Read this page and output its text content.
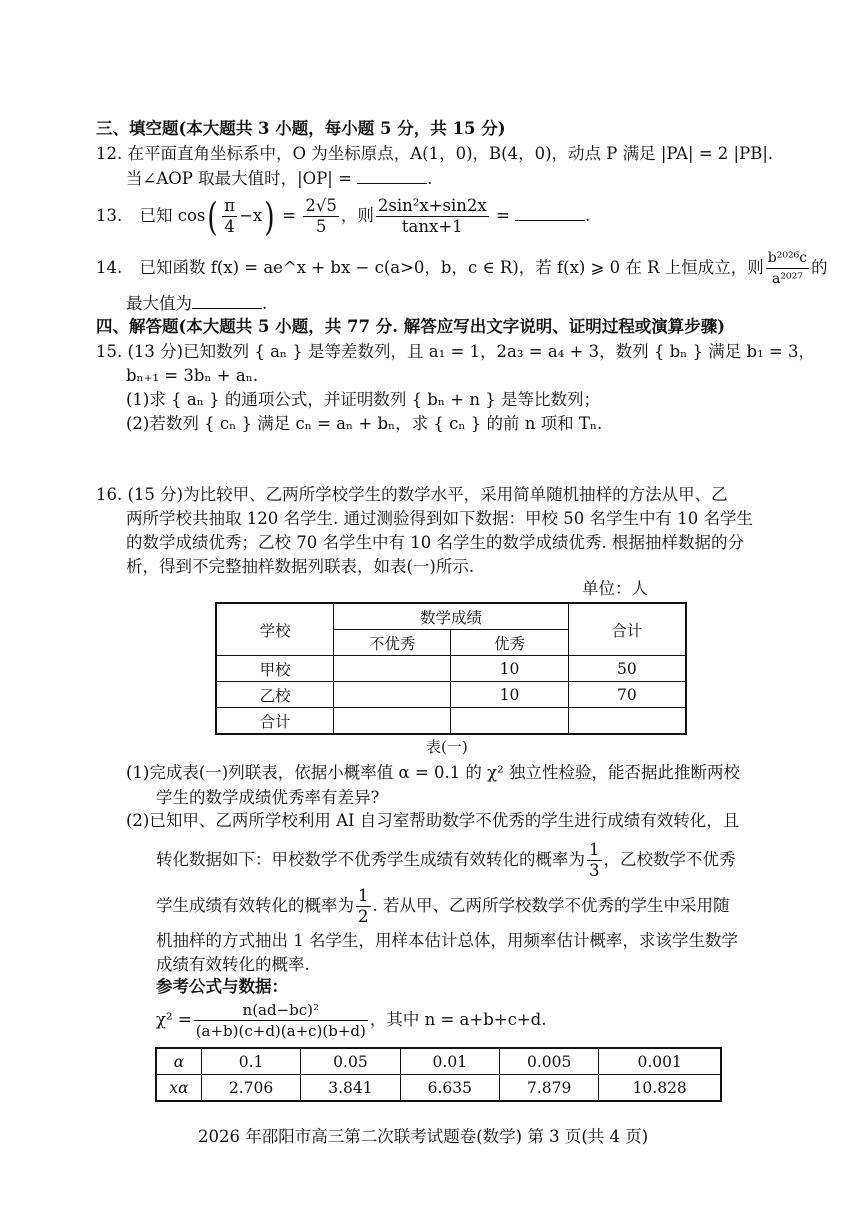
三、填空题(本大题共 3 小题，每小题 5 分，共 15 分)
12. 在平面直角坐标系中，O 为坐标原点，A(1，0)，B(4，0)，动点 P 满足 |PA| = 2 |PB|.
当∠AOP 取最大值时，|OP| =	.
13. 已知 $\cos( \frac{\pi}{4} -x) = \frac{2√5}{5}$ ，则 $\frac{\text{2sin²x+sin2x}}{\tan x+1}$ =	.
14. 已知函数 f(x) = ae^x + bx − c(a>0，b，c ∈ R)，若 f(x) ⩾ 0 在 R 上恒成立，则 $\frac{\text{b²⁰²⁶c}}{\text{a²⁰²⁷}}$ 的
最大值为	.
四、解答题(本大题共 5 小题，共 77 分. 解答应写出文字说明、证明过程或演算步骤)
15. (13 分)已知数列 { aₙ } 是等差数列，且 a₁ = 1，2a₃ = a₄ + 3，数列 { bₙ } 满足 b₁ = 3，
bₙ₊₁ = 3bₙ + aₙ.
(1)求 { aₙ } 的通项公式，并证明数列 { bₙ + n } 是等比数列；
(2)若数列 { cₙ } 满足 cₙ = aₙ + bₙ，求 { cₙ } 的前 n 项和 Tₙ.
16. (15 分)为比较甲、乙两所学校学生的数学水平，采用简单随机抽样的方法从甲、乙
两所学校共抽取 120 名学生. 通过测验得到如下数据：甲校 50 名学生中有 10 名学生
的数学成绩优秀；乙校 70 名学生中有 10 名学生的数学成绩优秀. 根据抽样数据的分
析，得到不完整抽样数据列联表，如表(一)所示.
单位：人
学校	数学成绩		合计
	不优秀	优秀	
甲校		10	50
乙校		10	70
合计			
表(一)
(1)完成表(一)列联表，依据小概率值 α = 0.1 的 χ² 独立性检验，能否据此推断两校
学生的数学成绩优秀率有差异?
(2)已知甲、乙两所学校利用 AI 自习室帮助数学不优秀的学生进行成绩有效转化，且
转化数据如下：甲校数学不优秀学生成绩有效转化的概率为 $\frac{1}{3}$ ，乙校数学不优秀
学生成绩有效转化的概率为 $\frac{1}{2}$ . 若从甲、乙两所学校数学不优秀的学生中采用随
机抽样的方式抽出 1 名学生，用样本估计总体，用频率估计概率，求该学生数学
成绩有效转化的概率.
参考公式与数据：
$\chi^2 = \frac{\text{n(ad−bc)²}}{(a+b)(c+d)(a+c)(b+d)}$ ，其中 n = a+b+c+d.
α	0.1	0.05	0.01	0.005	0.001
xα	2.706	3.841	6.635	7.879	10.828
2026 年邵阳市高三第二次联考试题卷(数学) 第 3 页(共 4 页)
